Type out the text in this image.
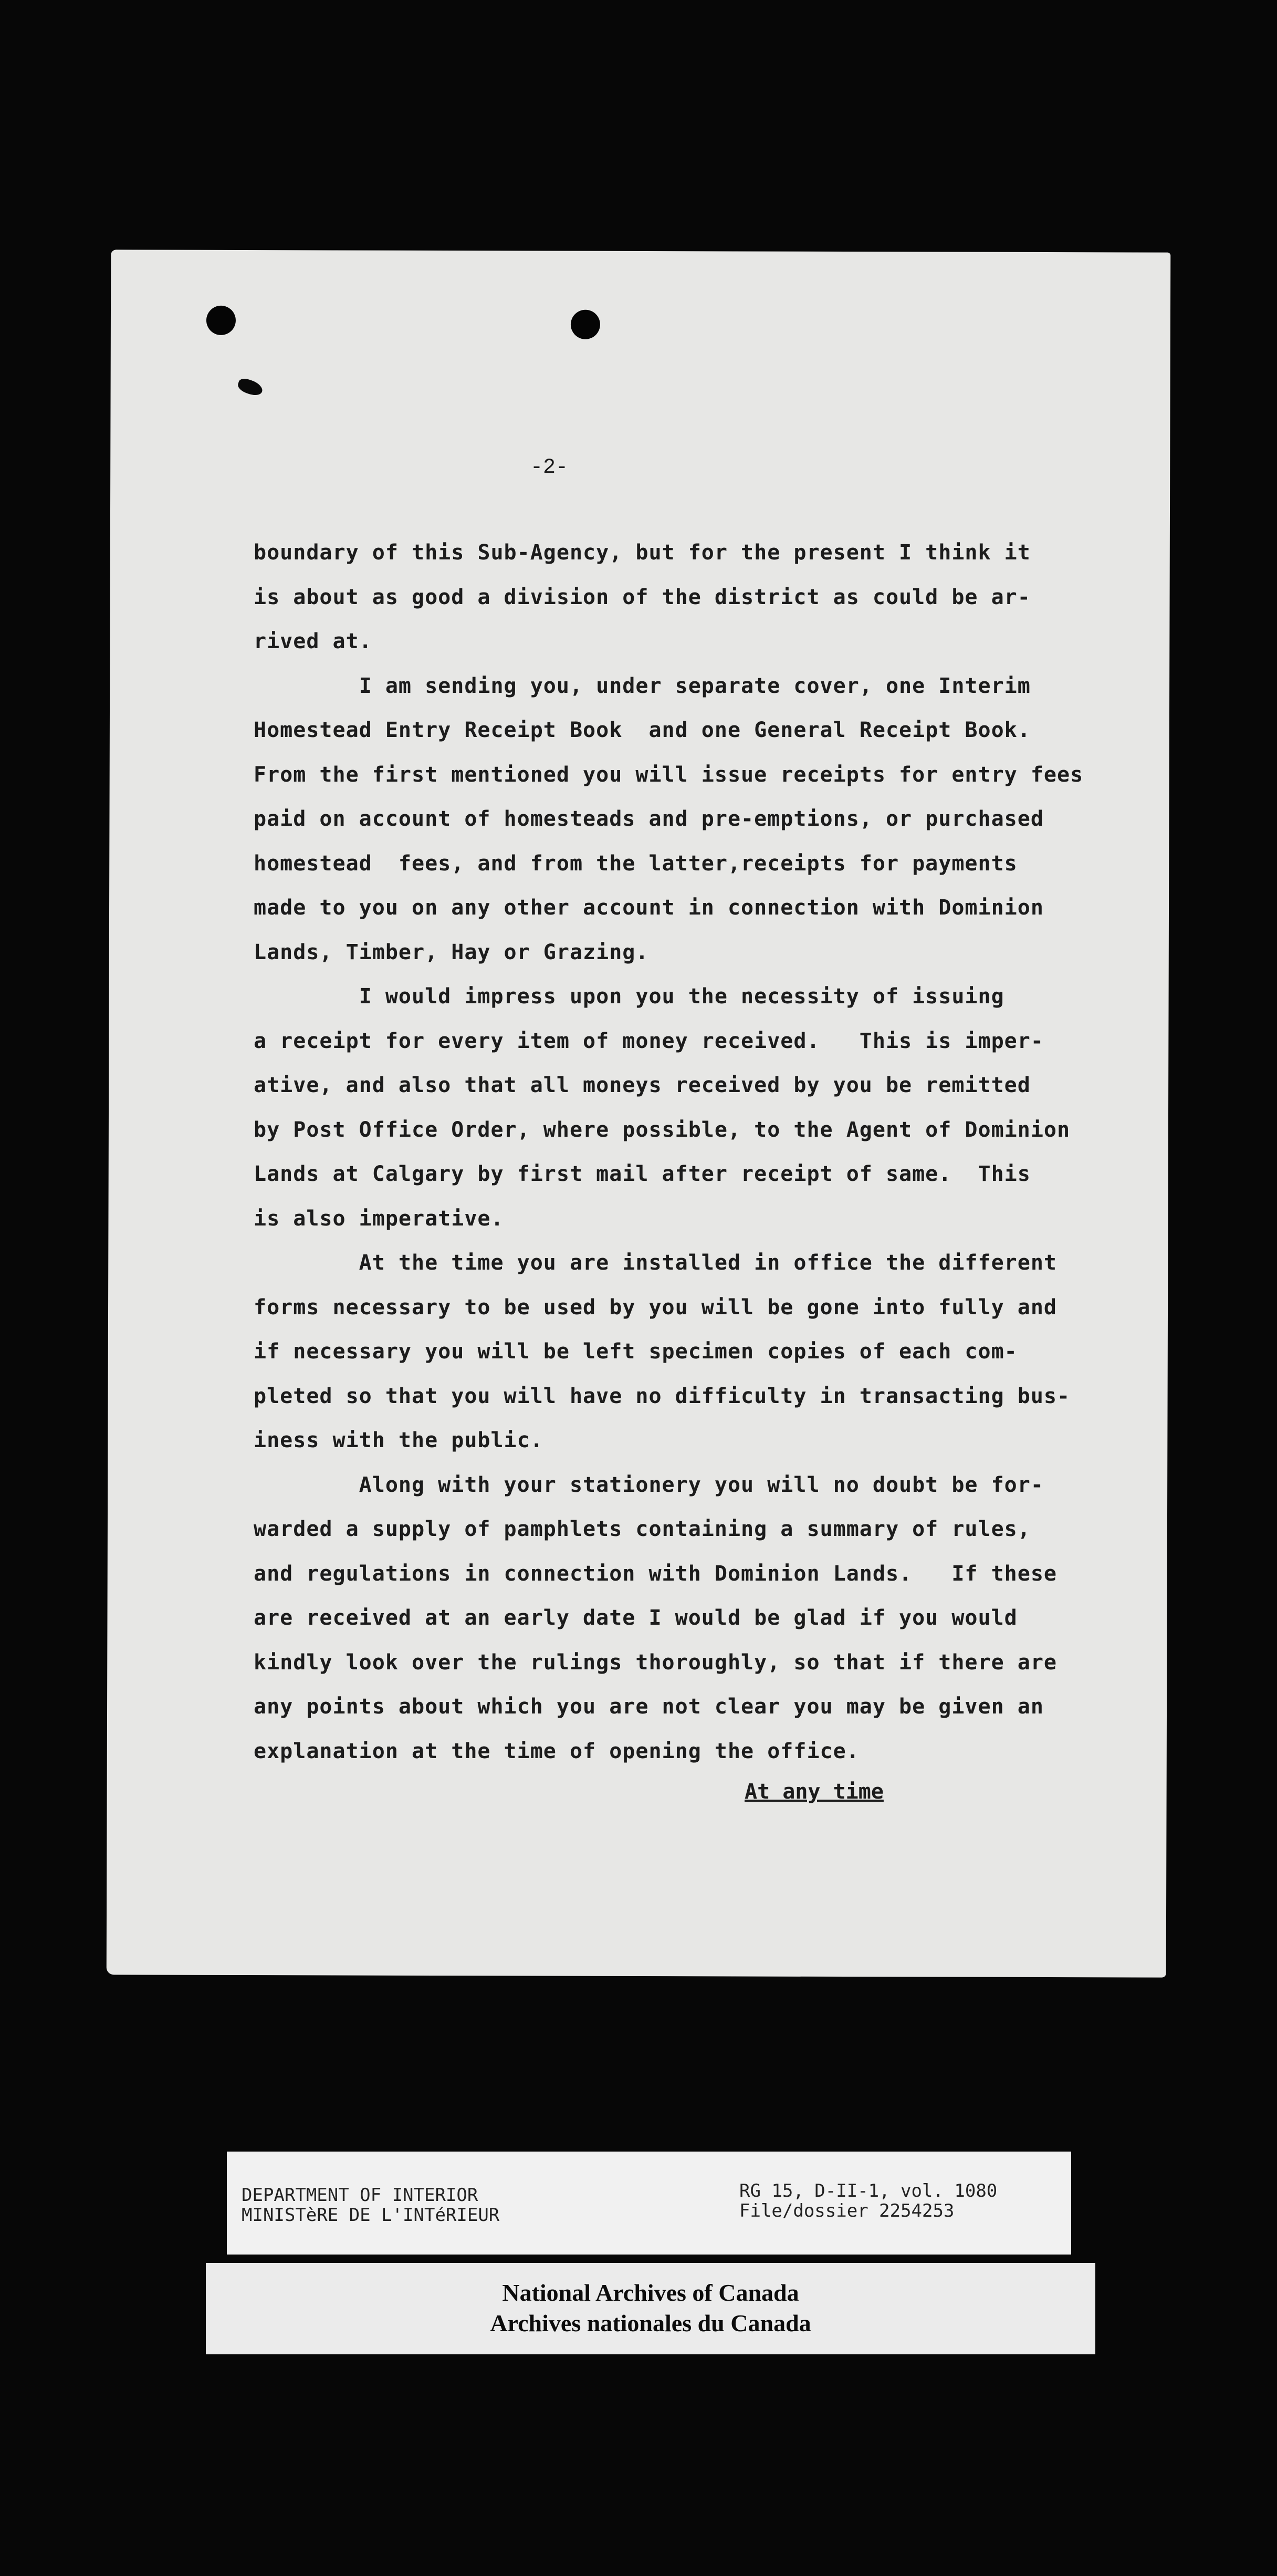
-2-
boundary of this Sub-Agency, but for the present I think it
is about as good a division of the district as could be ar-
rived at.
I am sending you, under separate cover, one Interim
Homestead Entry Receipt Book  and one General Receipt Book.
From the first mentioned you will issue receipts for entry fees
paid on account of homesteads and pre-emptions, or purchased
homestead  fees, and from the latter,receipts for payments
made to you on any other account in connection with Dominion
Lands, Timber, Hay or Grazing.
I would impress upon you the necessity of issuing
a receipt for every item of money received.   This is imper-
ative, and also that all moneys received by you be remitted
by Post Office Order, where possible, to the Agent of Dominion
Lands at Calgary by first mail after receipt of same.  This
is also imperative.
At the time you are installed in office the different
forms necessary to be used by you will be gone into fully and
if necessary you will be left specimen copies of each com-
pleted so that you will have no difficulty in transacting bus-
iness with the public.
Along with your stationery you will no doubt be for-
warded a supply of pamphlets containing a summary of rules,
and regulations in connection with Dominion Lands.   If these
are received at an early date I would be glad if you would
kindly look over the rulings thoroughly, so that if there are
any points about which you are not clear you may be given an
explanation at the time of opening the office.
At any time
DEPARTMENT OF INTERIOR
MINISTèRE DE L'INTéRIEUR
RG 15, D-II-1, vol. 1080
File/dossier 2254253
National Archives of Canada
Archives nationales du Canada
